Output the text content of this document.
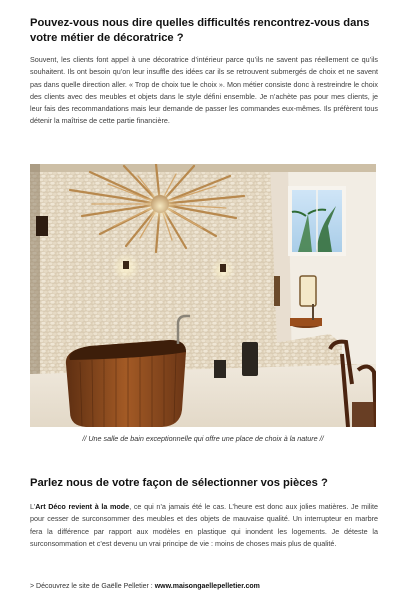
Pouvez-vous nous dire quelles difficultés rencontrez-vous dans votre métier de décoratrice ?

Souvent, les clients font appel à une décoratrice d’intérieur parce qu’ils ne savent pas réellement ce qu’ils souhaitent. Ils ont besoin qu’on leur insuffle des idées car ils se retrouvent submergés de choix et ne savent pas dans quelle direction aller. « Trop de choix tue le choix ». Mon métier consiste donc à restreindre le choix des clients avec des meubles et objets dans le style défini ensemble. Je n’achète pas pour mes clients, je leur fais des recommandations mais leur demande de passer les commandes eux-mêmes. Ils préfèrent tous détenir la maîtrise de cette partie financière.

// Une salle de bain exceptionnelle qui offre une place de choix à la nature //

Parlez nous de votre façon de sélectionner vos pièces ?

L’Art Déco revient à la mode, ce qui n’a jamais été le cas. L’heure est donc aux jolies matières. Je milite pour cesser de surconsommer des meubles et des objets de mauvaise qualité. Un interrupteur en marbre fera la différence par rapport aux modèles en plastique qui inondent les logements. Je déteste la surconsommation et c’est devenu un vrai principe de vie : moins de choses mais plus de qualité.

> Découvrez le site de Gaëlle Pelletier : www.maisongaellepelletier.com
